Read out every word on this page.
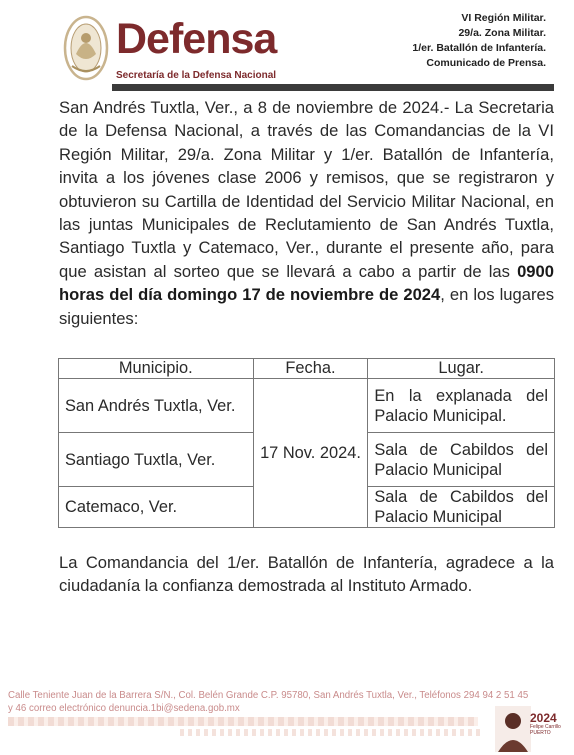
Defensa
Secretaría de la Defensa Nacional
VI Región Militar.
29/a. Zona Militar.
1/er. Batallón de Infantería.
Comunicado de Prensa.

San Andrés Tuxtla, Ver., a 8 de noviembre de 2024.- La Secretaria de la Defensa Nacional, a través de las Comandancias de la VI Región Militar, 29/a. Zona Militar y 1/er. Batallón de Infantería, invita a los jóvenes clase 2006 y remisos, que se registraron y obtuvieron su Cartilla de Identidad del Servicio Militar Nacional, en las juntas Municipales de Reclutamiento de San Andrés Tuxtla, Santiago Tuxtla y Catemaco, Ver., durante el presente año, para que asistan al sorteo que se llevará a cabo a partir de las 0900 horas del día domingo 17 de noviembre de 2024, en los lugares siguientes:

Municipio.	Fecha.	Lugar.
San Andrés Tuxtla, Ver.	17 Nov. 2024.	En la explanada del Palacio Municipal.
Santiago Tuxtla, Ver.		Sala de Cabildos del Palacio Municipal
Catemaco, Ver.		Sala de Cabildos del Palacio Municipal

La Comandancia del 1/er. Batallón de Infantería, agradece a la ciudadanía la confianza demostrada al Instituto Armado.

Calle Teniente Juan de la Barrera S/N., Col. Belén Grande C.P. 95780, San Andrés Tuxtla, Ver., Teléfonos 294 94 2 51 45
y 46 correo electrónico denuncia.1bi@sedena.gob.mx
2024
Felipe Carrillo PUERTO
